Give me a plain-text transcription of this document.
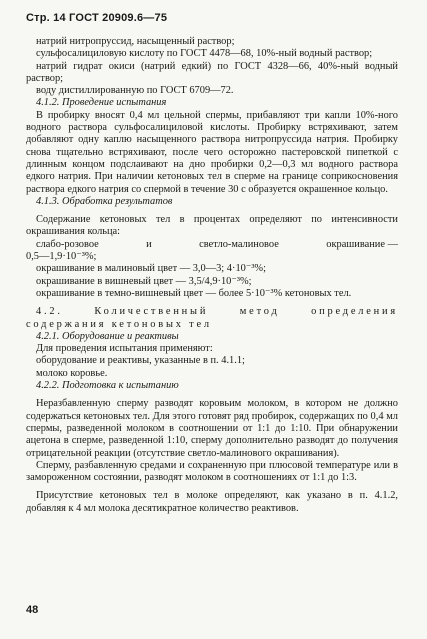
Стр. 14 ГОСТ 20909.6—75

натрий нитропруссид, насыщенный раствор;

сульфосалициловую кислоту по ГОСТ 4478—68, 10%-ный водный раствор;

натрий гидрат окиси (натрий едкий) по ГОСТ 4328—66, 40%-ный водный раствор;

воду дистиллированную по ГОСТ 6709—72.

4.1.2. Проведение испытания

В пробирку вносят 0,4 мл цельной спермы, прибавляют три капли 10%-ного водного раствора сульфосалициловой кислоты. Пробирку встряхивают, затем добавляют одну каплю насыщенного раствора нитропруссида натрия. Пробирку снова тщательно встряхивают, после чего осторожно пастеровской пипеткой с длинным концом подслаивают на дно пробирки 0,2—0,3 мл водного раствора едкого натрия. При наличии кетоновых тел в сперме на границе соприкосновения раствора едкого натрия со спермой в течение 30 с образуется окрашенное кольцо.

4.1.3. Обработка результатов

Содержание кетоновых тел в процентах определяют по интенсивности окрашивания кольца:

слабо-розовое	и	светло-малиновое	окрашивание —

0,5—1,9·10⁻³%;

окрашивание в малиновый цвет — 3,0—3; 4·10⁻³%;

окрашивание в вишневый цвет — 3,5/4,9·10⁻³%;

окрашивание в темно-вишневый цвет — более 5·10⁻³% кетоновых тел.

4.2. Количественный метод определения содержания кетоновых тел

4.2.1. Оборудование и реактивы

Для проведения испытания применяют:

оборудование и реактивы, указанные в п. 4.1.1;

молоко коровье.

4.2.2. Подготовка к испытанию

Неразбавленную сперму разводят коровьим молоком, в котором не должно содержаться кетоновых тел. Для этого готовят ряд пробирок, содержащих по 0,4 мл спермы, разведенной молоком в соотношении от 1:1 до 1:10. При обнаружении ацетона в сперме, разведенной 1:10, сперму дополнительно разводят до получения отрицательной реакции (отсутствие светло-малинового окрашивания).

Сперму, разбавленную средами и сохраненную при плюсовой температуре или в замороженном состоянии, разводят молоком в соотношениях от 1:1 до 1:3.

Присутствие кетоновых тел в молоке определяют, как указано в п. 4.1.2, добавляя к 4 мл молока десятикратное количество реактивов.

48
